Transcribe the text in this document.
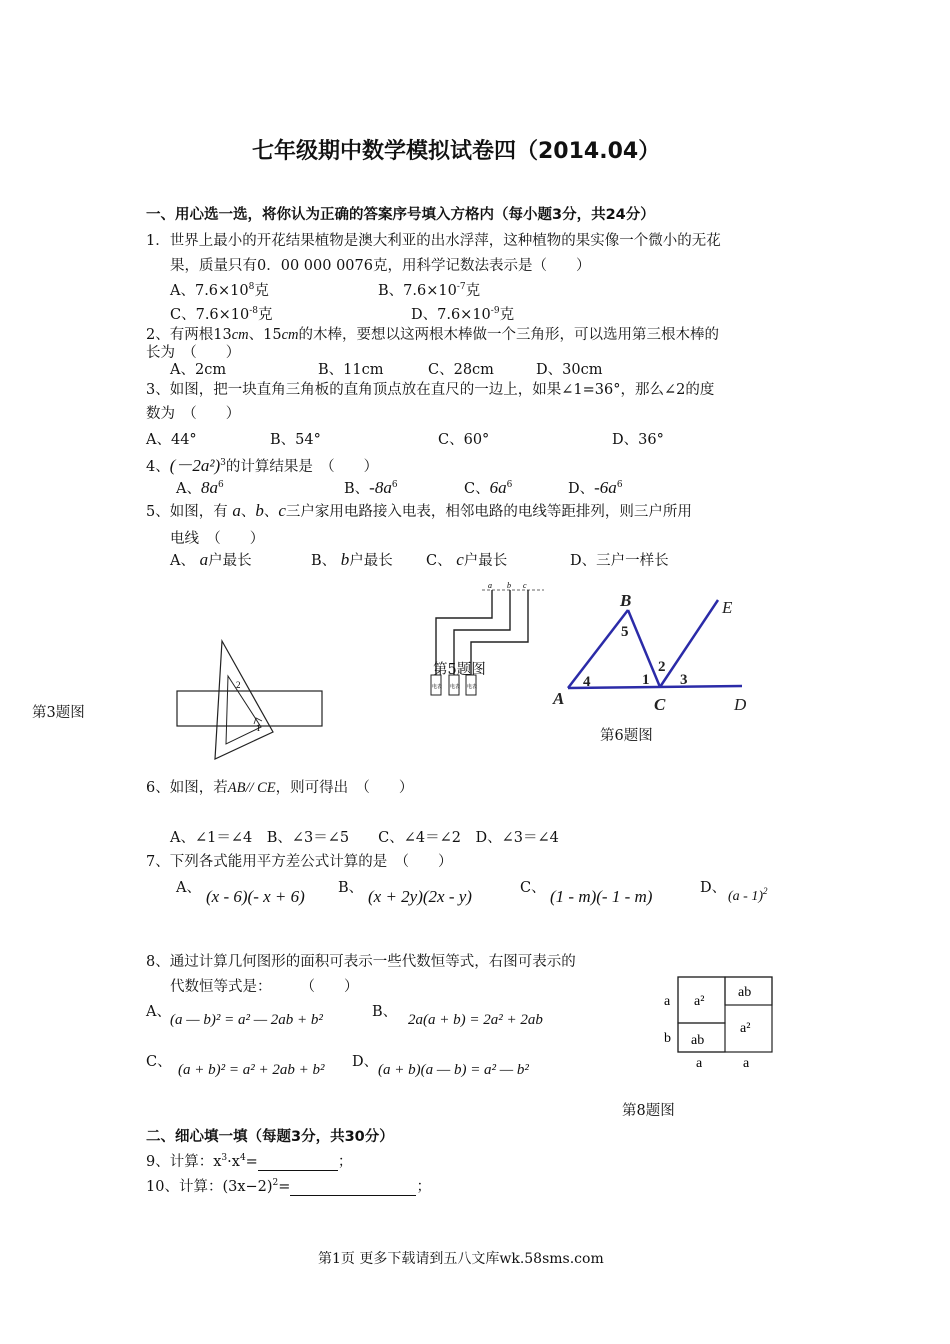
七年级期中数学模拟试卷四（2014.04）
一、用心选一选，将你认为正确的答案序号填入方格内（每小题3分，共24分）
1．世界上最小的开花结果植物是澳大利亚的出水浮萍，这种植物的果实像一个微小的无花
果，质量只有0．00 000 0076克，用科学记数法表示是（　　）
A、$7.6\times 10^8$克	B、$7.6\times 10^{-7}$克
C、$7.6\times 10^{-8}$克	D、$7.6\times 10^{-9}$克
2、有两根13cm、15cm的木棒，要想以这两根木棒做一个三角形，可以选用第三根木棒的
长为　（　　）
A、2cm	B、11cm	C、28cm	D、30cm
3、如图，把一块直角三角板的直角顶点放在直尺的一边上，如果∠1=36°，那么∠2的度
数为　（　　）
A、44°	B、54°	C、60°	D、36°
4、$(-2a^2)^3$的计算结果是　（　　）
A、$8a^6$	B、$-8a^6$	C、$6a^6$	D、$-6a^6$
5、如图，有 a、b、c三户家用电路接入电表，相邻电路的电线等距排列，则三户所用
电线　（　　）
A、 a户最长	B、 b户最长 C、 c户最长	D、三户一样长
第3题图
2
1
a b c
电表 电表 电表
第5题图
B	E
A	C	D
5
4	1
2
3
第6题图
6、如图，若AB// CE，则可得出　（　　）
A、∠1＝∠4　B、∠3＝∠5　　C、∠4＝∠2　D、∠3＝∠4
7、下列各式能用平方差公式计算的是　（　　）
A、 (x - 6)(- x + 6) B、 (x + 2y)(2x - y)	C、 (1 - m)(- 1 - m)	D、
(a - 1)$^2$
8、通过计算几何图形的面积可表示一些代数恒等式，右图可表示的
代数恒等式是：　　　（　　）
A、 (a — b)² = a² — 2ab + b²	B、 2a(a + b) = 2a² + 2ab
C、 (a + b)² = a² + 2ab + b² D、 (a + b)(a — b) = a² — b²
a²
ab
ab
a²
a
b
a	a
第8题图
二、细心填一填（每题3分，共30分）
9、计算：$x^3\cdot x^4=$	；
10、计算：$(3x-2)^2=$	；
第1页 更多下载请到五八文库wk.58sms.com
